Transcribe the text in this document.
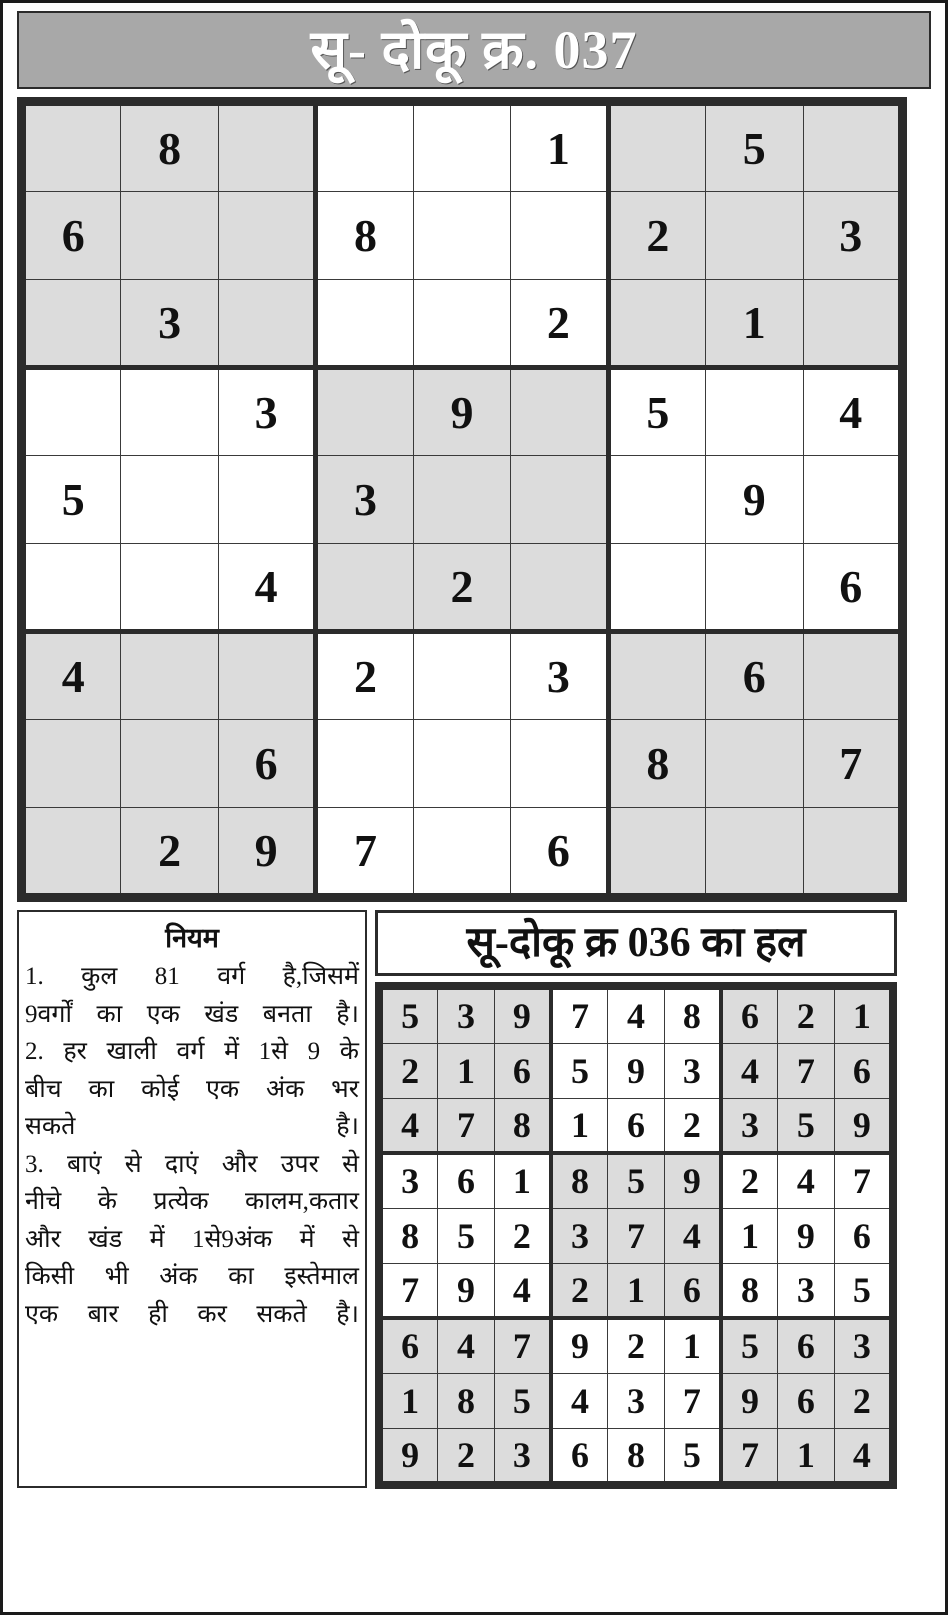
सू- दोकू क्र. 037
	8				1		5	
6			8			2		3
	3				2		1	
		3		9		5		4
5			3				9	
		4		2				6
4			2		3		6	
		6				8		7
	2	9	7		6			
नियम

1. कुल 81 वर्ग है,जिसमें

9वर्गों का एक खंड बनता है।

2. हर खाली वर्ग में 1से 9 के

बीच का कोई एक अंक भर

सकते है।

3. बाएं से दाएं और उपर से

नीचे के प्रत्येक कालम,कतार

और खंड में 1से9अंक में से

किसी भी अंक का इस्तेमाल

एक बार ही कर सकते है।

सू-दोकू क्र 036 का हल
5	3	9	7	4	8	6	2	1
2	1	6	5	9	3	4	7	6
4	7	8	1	6	2	3	5	9
3	6	1	8	5	9	2	4	7
8	5	2	3	7	4	1	9	6
7	9	4	2	1	6	8	3	5
6	4	7	9	2	1	5	6	3
1	8	5	4	3	7	9	6	2
9	2	3	6	8	5	7	1	4
